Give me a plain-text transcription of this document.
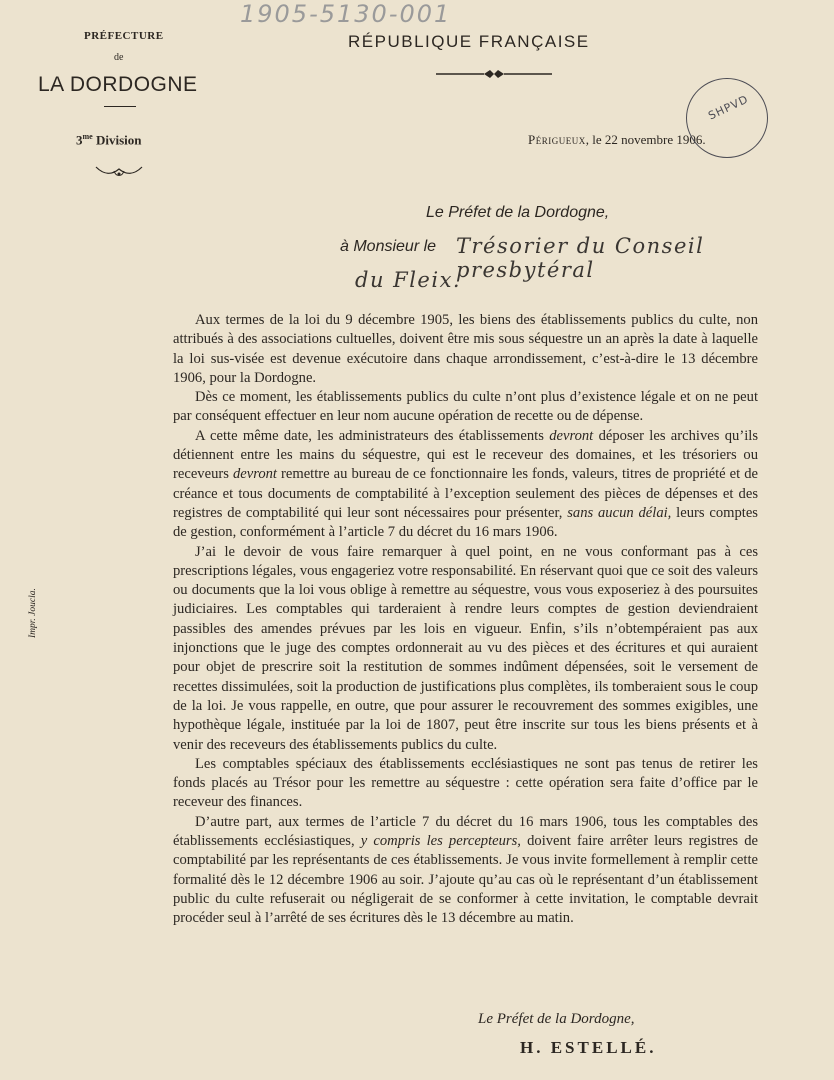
1905-5130-001
PRÉFECTURE
de
LA DORDOGNE
$3^{me}$ Division
RÉPUBLIQUE FRANÇAISE
Périgueux, le 22 novembre 1906.
SHPVD
Le Préfet de la Dordogne,
à Monsieur le Trésorier du Conseil presbytéral
du Fleix.

Aux termes de la loi du 9 décembre 1905, les biens des établissements publics du culte, non attribués à des associations cultuelles, doivent être mis sous séquestre un an après la date à laquelle la loi sus-visée est devenue exécutoire dans chaque arrondissement, c’est-à-dire le 13 décembre 1906, pour la Dordogne.

Dès ce moment, les établissements publics du culte n’ont plus d’existence légale et on ne peut par conséquent effectuer en leur nom aucune opération de recette ou de dépense.

A cette même date, les administrateurs des établissements devront déposer les archives qu’ils détiennent entre les mains du séquestre, qui est le receveur des domaines, et les trésoriers ou receveurs devront remettre au bureau de ce fonctionnaire les fonds, valeurs, titres de propriété et de créance et tous documents de comptabilité à l’exception seulement des pièces de dépenses et des registres de comptabilité qui leur sont nécessaires pour présenter, sans aucun délai, leurs comptes de gestion, conformément à l’article 7 du décret du 16 mars 1906.

J’ai le devoir de vous faire remarquer à quel point, en ne vous conformant pas à ces prescriptions légales, vous engageriez votre responsabilité. En réservant quoi que ce soit des valeurs ou documents que la loi vous oblige à remettre au séquestre, vous vous exposeriez à des poursuites judiciaires. Les comptables qui tarderaient à rendre leurs comptes de gestion deviendraient passibles des amendes prévues par les lois en vigueur. Enfin, s’ils n’obtempéraient pas aux injonctions que le juge des comptes ordonnerait au vu des pièces et des écritures et qui auraient pour objet de prescrire soit la restitution de sommes indûment dépensées, soit le versement de recettes dissimulées, soit la production de justifications plus complètes, ils tomberaient sous le coup de la loi. Je vous rappelle, en outre, que pour assurer le recouvrement des sommes exigibles, une hypothèque légale, instituée par la loi de 1807, peut être inscrite sur tous les biens présents et à venir des receveurs des établissements publics du culte.

Les comptables spéciaux des établissements ecclésiastiques ne sont pas tenus de retirer les fonds placés au Trésor pour les remettre au séquestre : cette opération sera faite d’office par le receveur des finances.

D’autre part, aux termes de l’article 7 du décret du 16 mars 1906, tous les comptables des établissements ecclésiastiques, y compris les percepteurs, doivent faire arrêter leurs registres de comptabilité par les représentants de ces établissements. Je vous invite formellement à remplir cette formalité dès le 12 décembre 1906 au soir. J’ajoute qu’au cas où le représentant d’un établissement public du culte refuserait ou négligerait de se conformer à cette invitation, le comptable devrait procéder seul à l’arrêté de ses écritures dès le 13 décembre au matin.

Impr. Joucla.
Le Préfet de la Dordogne,
H. ESTELLÉ.
